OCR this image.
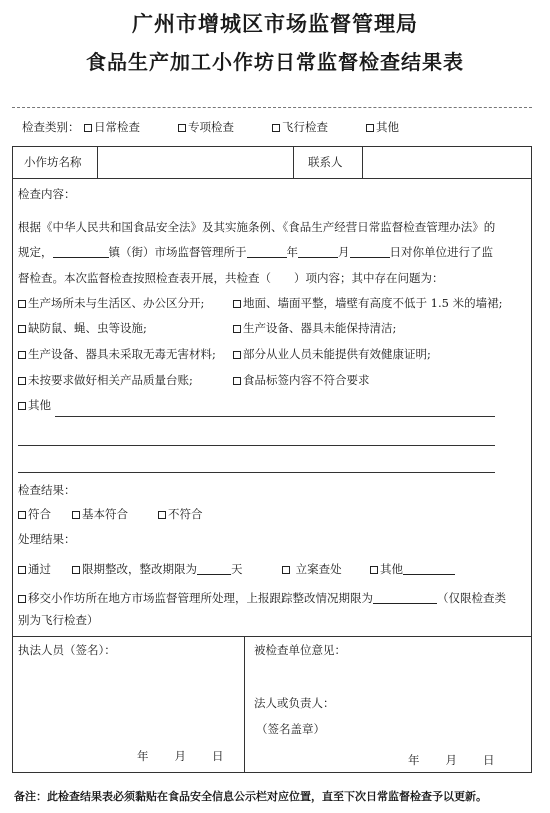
广州市增城区市场监督管理局
食品生产加工小作坊日常监督检查结果表
检查类别：	日常检查	专项检查	飞行检查	其他
小作坊名称	联系人
检查内容：
根据《中华人民共和国食品安全法》及其实施条例、《食品生产经营日常监督检查管理办法》的
规定，	镇（街）市场监督管理所于	年	月	日对你单位进行了监
督检查。本次监督检查按照检查表开展，共检查（　　）项内容；其中存在问题为：
生产场所未与生活区、办公区分开;	地面、墙面平整，墙壁有高度不低于 1.5 米的墙裙;
缺防鼠、蝇、虫等设施;	生产设备、器具未能保持清洁;
生产设备、器具未采取无毒无害材料;	部分从业人员未能提供有效健康证明;
未按要求做好相关产品质量台账;	食品标签内容不符合要求
其他
检查结果：
符合	基本符合	不符合
处理结果：
通过	限期整改，整改期限为	天	立案查处	其他
移交小作坊所在地方市场监督管理所处理，上报跟踪整改情况期限为	（仅限检查类
别为飞行检查）
执法人员（签名）：	被检查单位意见：
法人或负责人：
（签名盖章）
年 月 日	年 月 日
备注：此检查结果表必须黏贴在食品安全信息公示栏对应位置，直至下次日常监督检查予以更新。
